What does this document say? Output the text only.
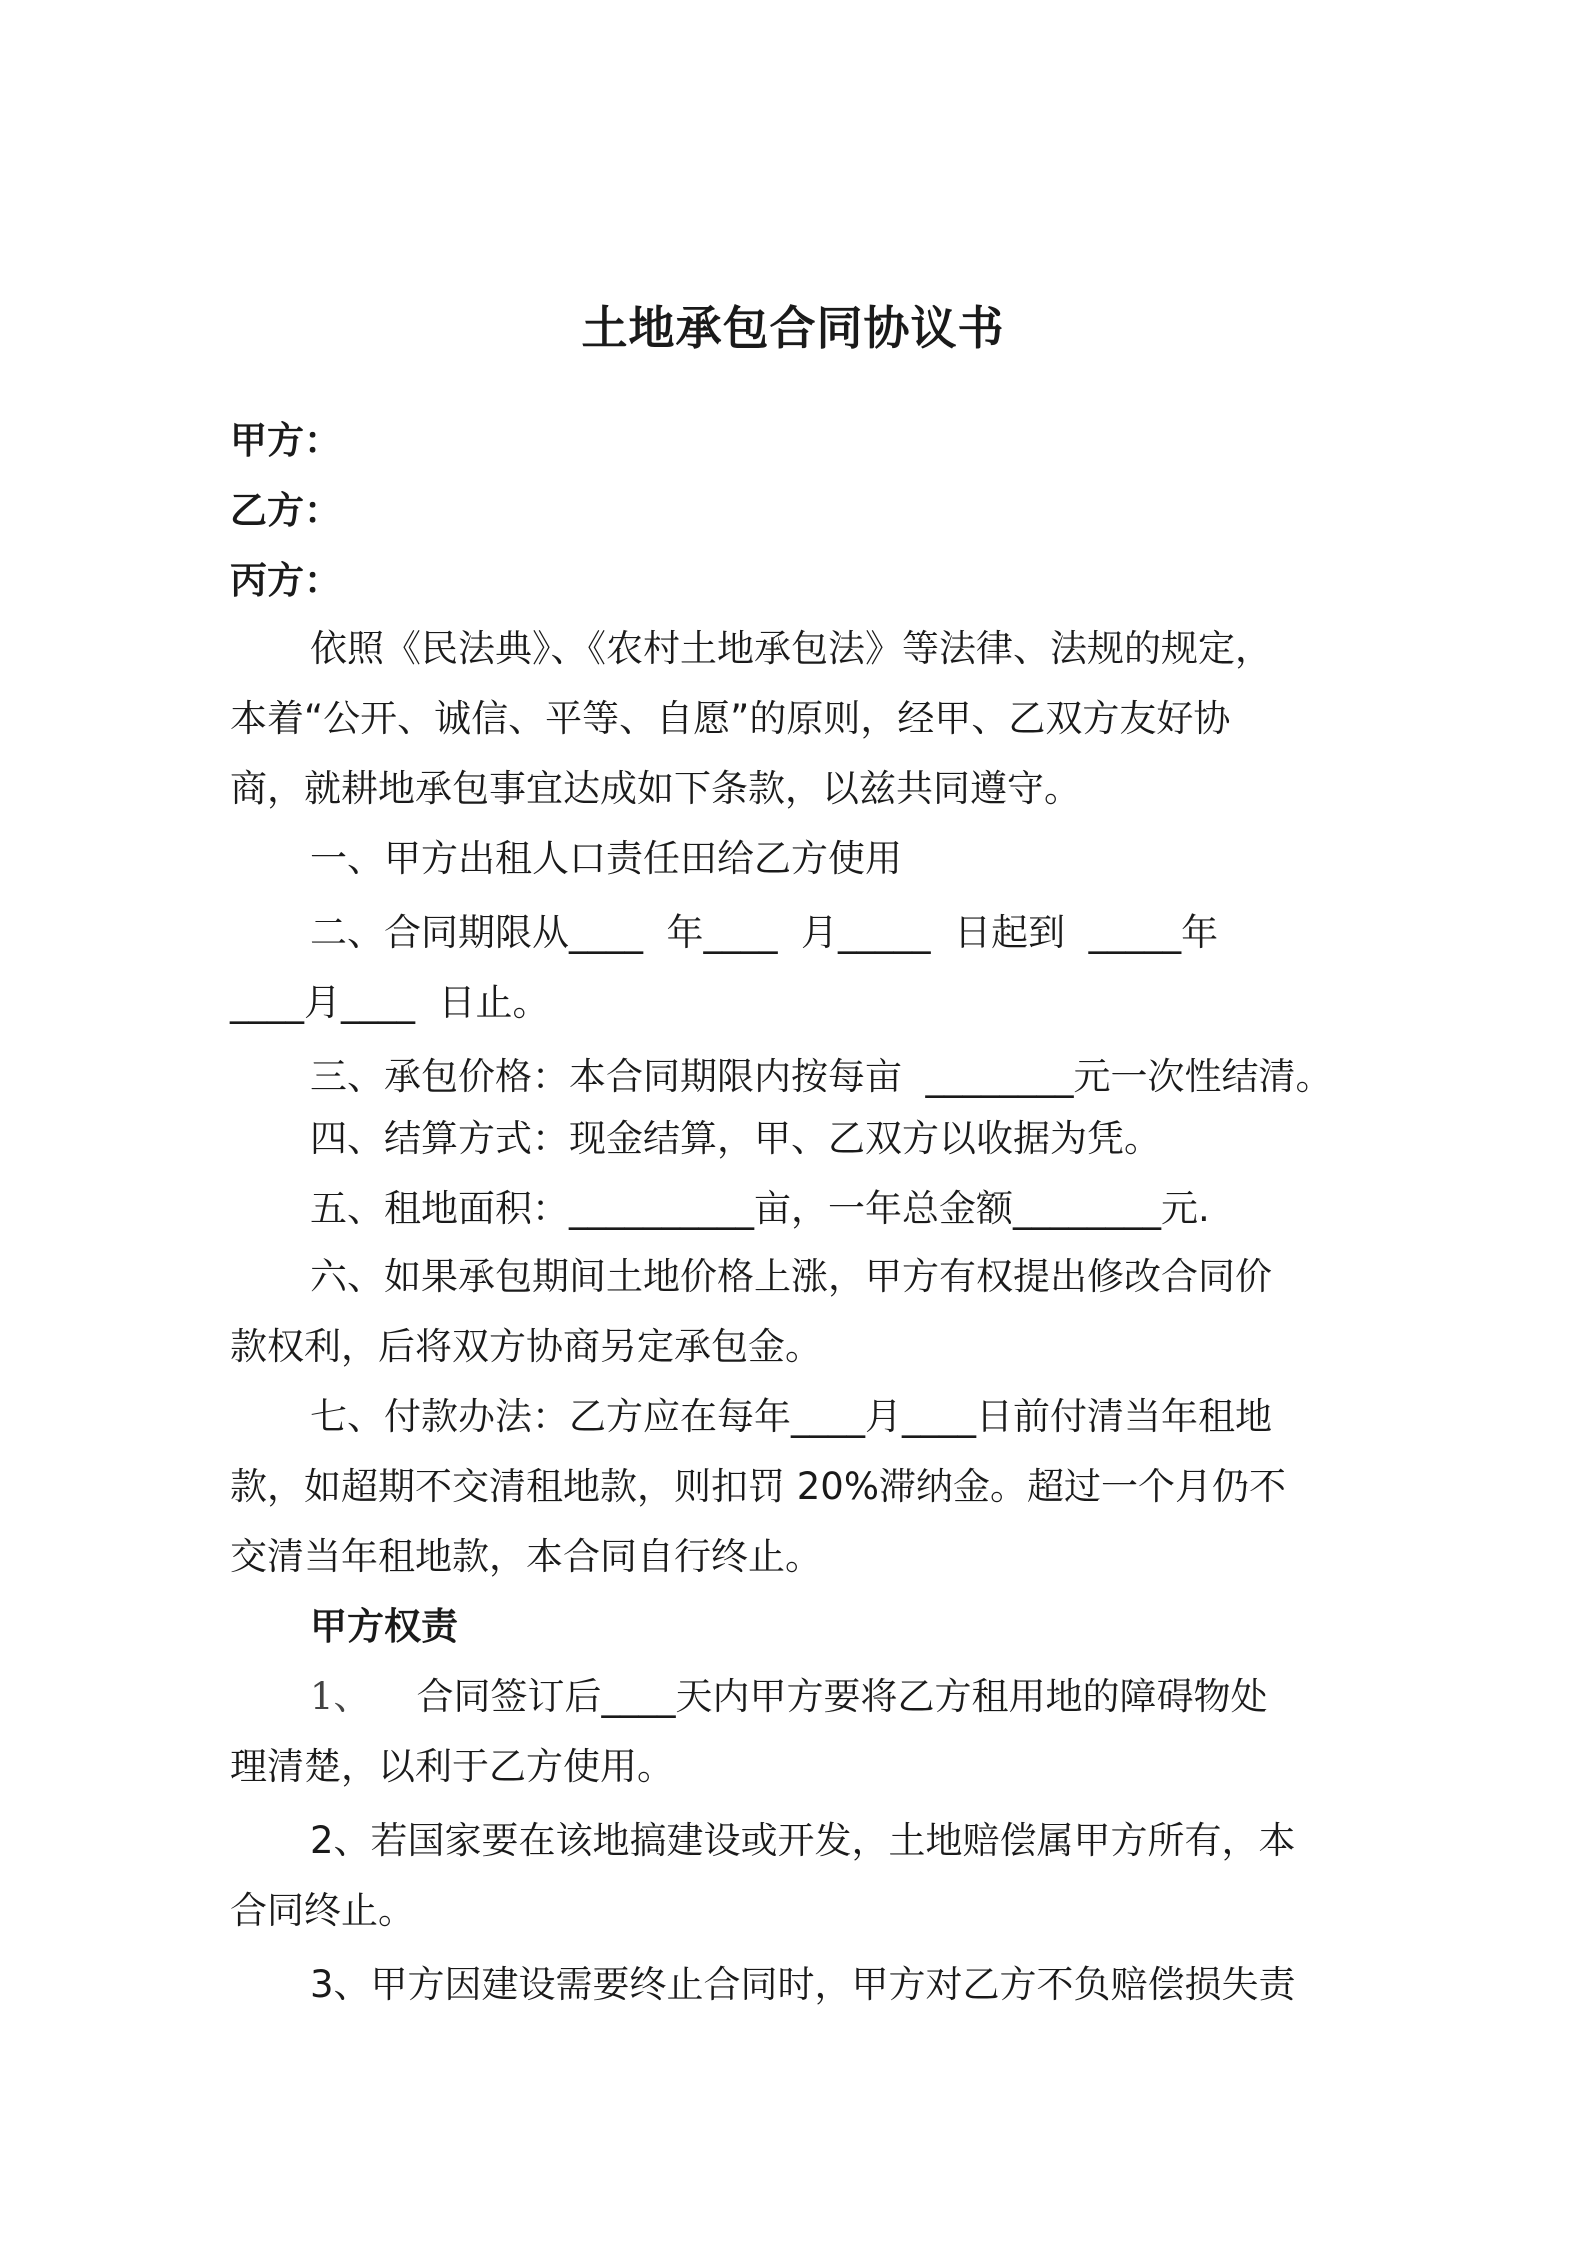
土地承包合同协议书
甲方：
乙方：
丙方：
依照《民法典》、《农村土地承包法》等法律、法规的规定，
本着“公开、诚信、平等、自愿”的原则，经甲、乙双方友好协
商，就耕地承包事宜达成如下条款，以兹共同遵守。
一、甲方出租人口责任田给乙方使用
二、合同期限从____  年____  月_____  日起到  _____年
____月____  日止。
三、承包价格：本合同期限内按每亩  ________元一次性结清。
四、结算方式：现金结算，甲、乙双方以收据为凭。
五、租地面积：__________亩，一年总金额________元.
六、如果承包期间土地价格上涨，甲方有权提出修改合同价
款权利，后将双方协商另定承包金。
七、付款办法：乙方应在每年____月____日前付清当年租地
款，如超期不交清租地款，则扣罚 20%滞纳金。超过一个月仍不
交清当年租地款，本合同自行终止。
甲方权责
1、 合同签订后____天内甲方要将乙方租用地的障碍物处
理清楚，以利于乙方使用。
2、若国家要在该地搞建设或开发，土地赔偿属甲方所有，本
合同终止。
3、甲方因建设需要终止合同时，甲方对乙方不负赔偿损失责
